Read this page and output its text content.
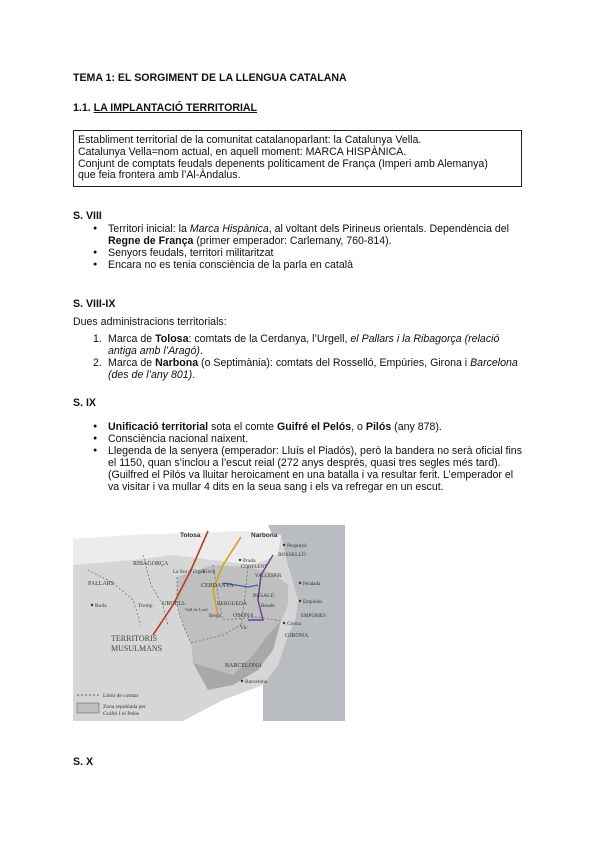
TEMA 1: EL SORGIMENT DE LA LLENGUA CATALANA
1.1. LA IMPLANTACIÓ TERRITORIAL
Establiment territorial de la comunitat catalanoparlant: la Catalunya Vella.
Catalunya Vella=nom actual, en aquell moment: MARCA HISPÀNICA.
Conjunt de comptats feudals depenents políticament de França (Imperi amb Alemanya)
que feia frontera amb l’Al-Àndalus.
S. VIII
● Territori inicial: la Marca Hispànica, al voltant dels Pirineus orientals. Dependència del Regne de França (primer emperador: Carlemany, 760-814).
● Senyors feudals, territori militaritzat
● Encara no es tenia consciència de la parla en català
S. VIII-IX
Dues administracions territorials:
1. Marca de Tolosa: comtats de la Cerdanya, l’Urgell, el Pallars i la Ribagorça (relació antiga amb l’Aragó).
2. Marca de Narbona (o Septimània): comtats del Rosselló, Empúries, Girona i Barcelona (des de l’any 801).
S. IX
● Unificació territorial sota el comte Guifré el Pelós, o Pilós (any 878).
● Consciència nacional naixent.
● Llegenda de la senyera (emperador: Lluís el Piadós), però la bandera no serà oficial fins el 1150, quan s’inclou a l’escut reial (272 anys després, quasi tres segles més tard).
(Guilfred el Pilós va lluitar heroicament en una batalla i va resultar ferit. L’emperador el va visitar i va mullar 4 dits en la seua sang i els va refregar en un escut.
Tolosa	Narbona
Perpinyà
ROSSELLÓ
Prada
CONFLENT
VALLESPIR
RIBAGORÇA
PALLARS
La Seu d’Urgell
Llívia
CERDANYA
Roda	Tremp URGELL
Vall de Lord
BERGUEDÀ
BESALÚ
Besalú
Peralada
Empúries
EMPÚRIES
Berga OSONA
Vic
Girona
GIRONA
TERRITORIS
MUSULMANS
BARCELONA
Barcelona
Límit de comtat
Zona repoblada per
Guifré I el Pelós
S. X
